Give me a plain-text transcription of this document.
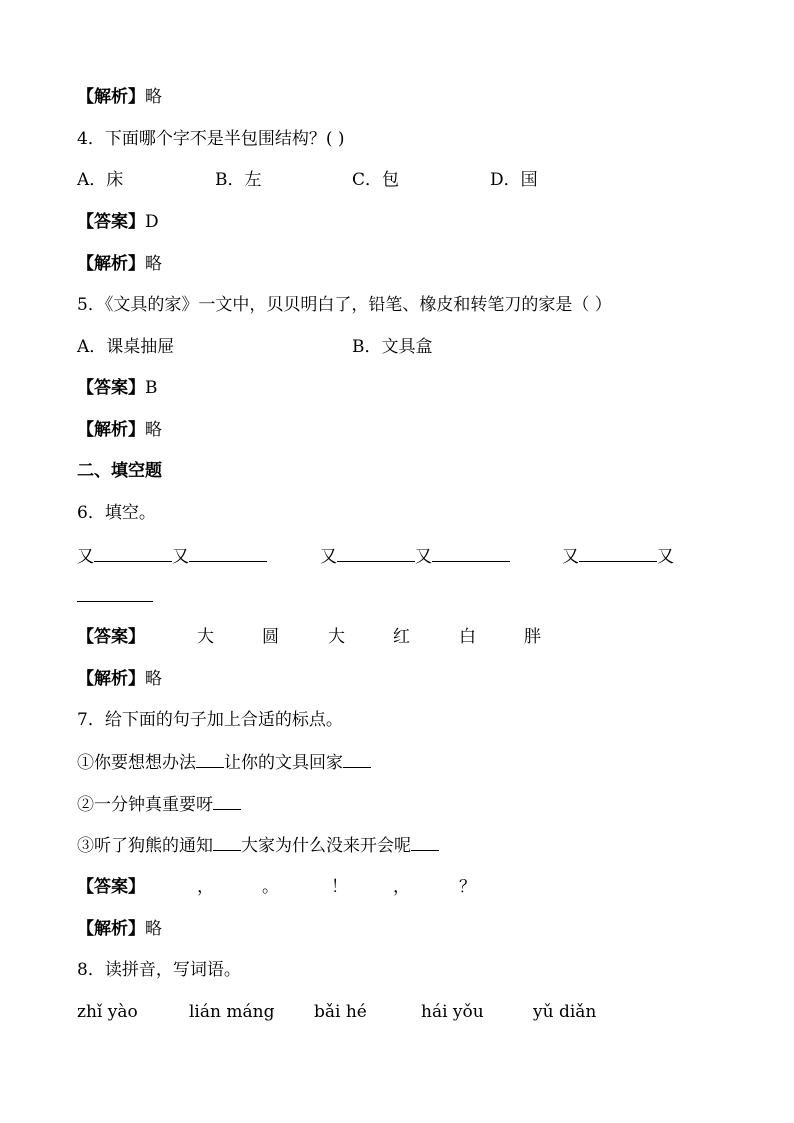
【解析】略
4．下面哪个字不是半包围结构？( )
A．床	B．左	C．包	D．国
【答案】D
【解析】略
5．《文具的家》一文中，贝贝明白了，铅笔、橡皮和转笔刀的家是（ ）
A．课桌抽屉	B．文具盒
【答案】B
【解析】略
二、填空题
6．填空。
又	又	又	又	又	又
【答案】	大	圆	大	红	白	胖
【解析】略
7．给下面的句子加上合适的标点。
①你要想想办法 让你的文具回家
②一分钟真重要呀
③听了狗熊的通知 大家为什么没来开会呢
【答案】	，	。	！	，	？
【解析】略
8．读拼音，写词语。
zhǐ yào	lián máng bǎi hé	hái yǒu	yǔ diǎn
